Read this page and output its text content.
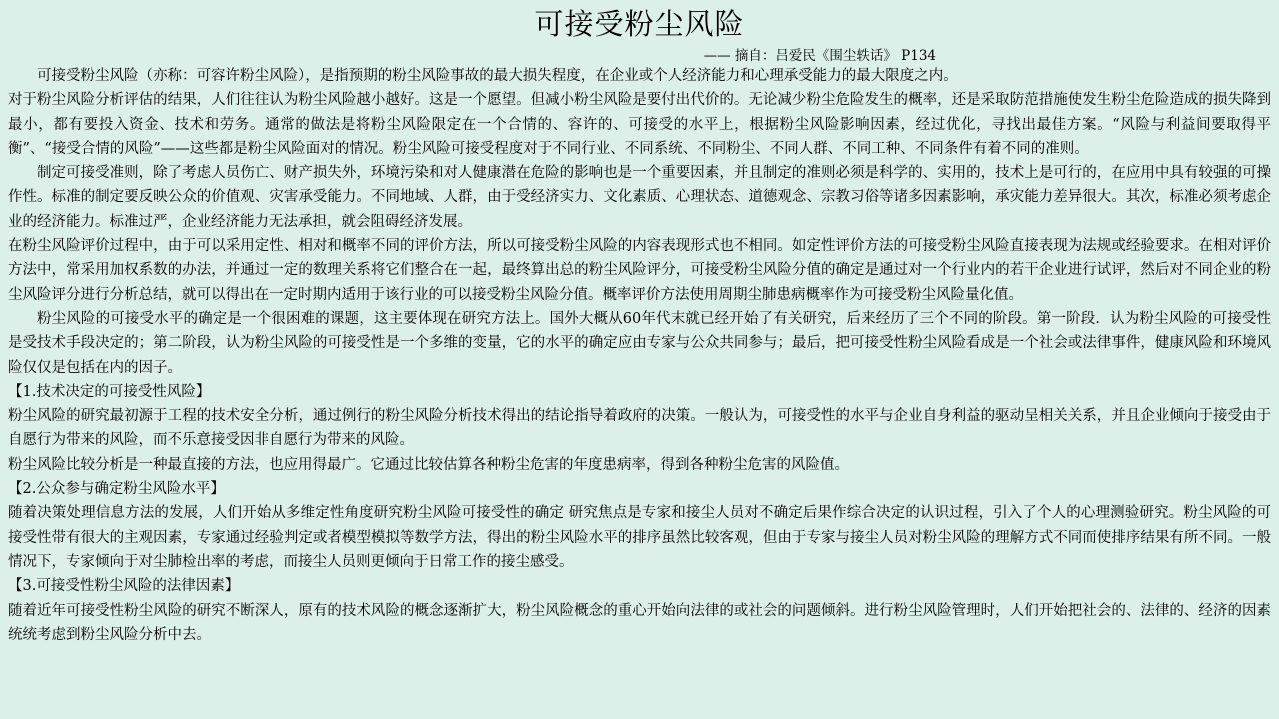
可接受粉尘风险
—— 摘自：吕爱民《围尘轶话》 P134

可接受粉尘风险（亦称：可容许粉尘风险），是指预期的粉尘风险事故的最大损失程度，在企业或个人经济能力和心理承受能力的最大限度之内。

对于粉尘风险分析评估的结果，人们往往认为粉尘风险越小越好。这是一个愿望。但减小粉尘风险是要付出代价的。无论减少粉尘危险发生的概率，还是采取防范措施使发生粉尘危险造成的损失降到最小，都有要投入资金、技术和劳务。通常的做法是将粉尘风险限定在一个合情的、容许的、可接受的水平上，根据粉尘风险影响因素，经过优化，寻找出最佳方案。“风险与利益间要取得平衡”、“接受合情的风险”——这些都是粉尘风险面对的情况。粉尘风险可接受程度对于不同行业、不同系统、不同粉尘、不同人群、不同工种、不同条件有着不同的准则。

制定可接受准则，除了考虑人员伤亡、财产损失外，环境污染和对人健康潜在危险的影响也是一个重要因素，并且制定的准则必须是科学的、实用的，技术上是可行的，在应用中具有较强的可操作性。标准的制定要反映公众的价值观、灾害承受能力。不同地域、人群，由于受经济实力、文化素质、心理状态、道德观念、宗教习俗等诸多因素影响，承灾能力差异很大。其次，标准必须考虑企业的经济能力。标准过严，企业经济能力无法承担，就会阻碍经济发展。

在粉尘风险评价过程中，由于可以采用定性、相对和概率不同的评价方法，所以可接受粉尘风险的内容表现形式也不相同。如定性评价方法的可接受粉尘风险直接表现为法规或经验要求。在相对评价方法中，常采用加权系数的办法，并通过一定的数理关系将它们整合在一起，最终算出总的粉尘风险评分，可接受粉尘风险分值的确定是通过对一个行业内的若干企业进行试评，然后对不同企业的粉尘风险评分进行分析总结，就可以得出在一定时期内适用于该行业的可以接受粉尘风险分值。概率评价方法使用周期尘肺患病概率作为可接受粉尘风险量化值。

粉尘风险的可接受水平的确定是一个很困难的课题，这主要体现在研究方法上。国外大概从60年代末就已经开始了有关研究，后来经历了三个不同的阶段。第一阶段．认为粉尘风险的可接受性是受技术手段决定的；第二阶段，认为粉尘风险的可接受性是一个多维的变量，它的水平的确定应由专家与公众共同参与；最后，把可接受性粉尘风险看成是一个社会或法律事件，健康风险和环境风险仅仅是包括在内的因子。

【1.技术决定的可接受性风险】

粉尘风险的研究最初源于工程的技术安全分析，通过例行的粉尘风险分析技术得出的结论指导着政府的决策。一般认为，可接受性的水平与企业自身利益的驱动呈相关关系，并且企业倾向于接受由于自愿行为带来的风险，而不乐意接受因非自愿行为带来的风险。

粉尘风险比较分析是一种最直接的方法，也应用得最广。它通过比较估算各种粉尘危害的年度患病率，得到各种粉尘危害的风险值。

【2.公众参与确定粉尘风险水平】

随着决策处理信息方法的发展，人们开始从多维定性角度研究粉尘风险可接受性的确定 研究焦点是专家和接尘人员对不确定后果作综合决定的认识过程，引入了个人的心理测验研究。粉尘风险的可接受性带有很大的主观因素，专家通过经验判定或者模型模拟等数学方法，得出的粉尘风险水平的排序虽然比较客观，但由于专家与接尘人员对粉尘风险的理解方式不同而使排序结果有所不同。一般情况下，专家倾向于对尘肺检出率的考虑，而接尘人员则更倾向于日常工作的接尘感受。

【3.可接受性粉尘风险的法律因素】

随着近年可接受性粉尘风险的研究不断深人，原有的技术风险的概念逐渐扩大，粉尘风险概念的重心开始向法律的或社会的问题倾斜。进行粉尘风险管理时，人们开始把社会的、法律的、经济的因素统统考虑到粉尘风险分析中去。
